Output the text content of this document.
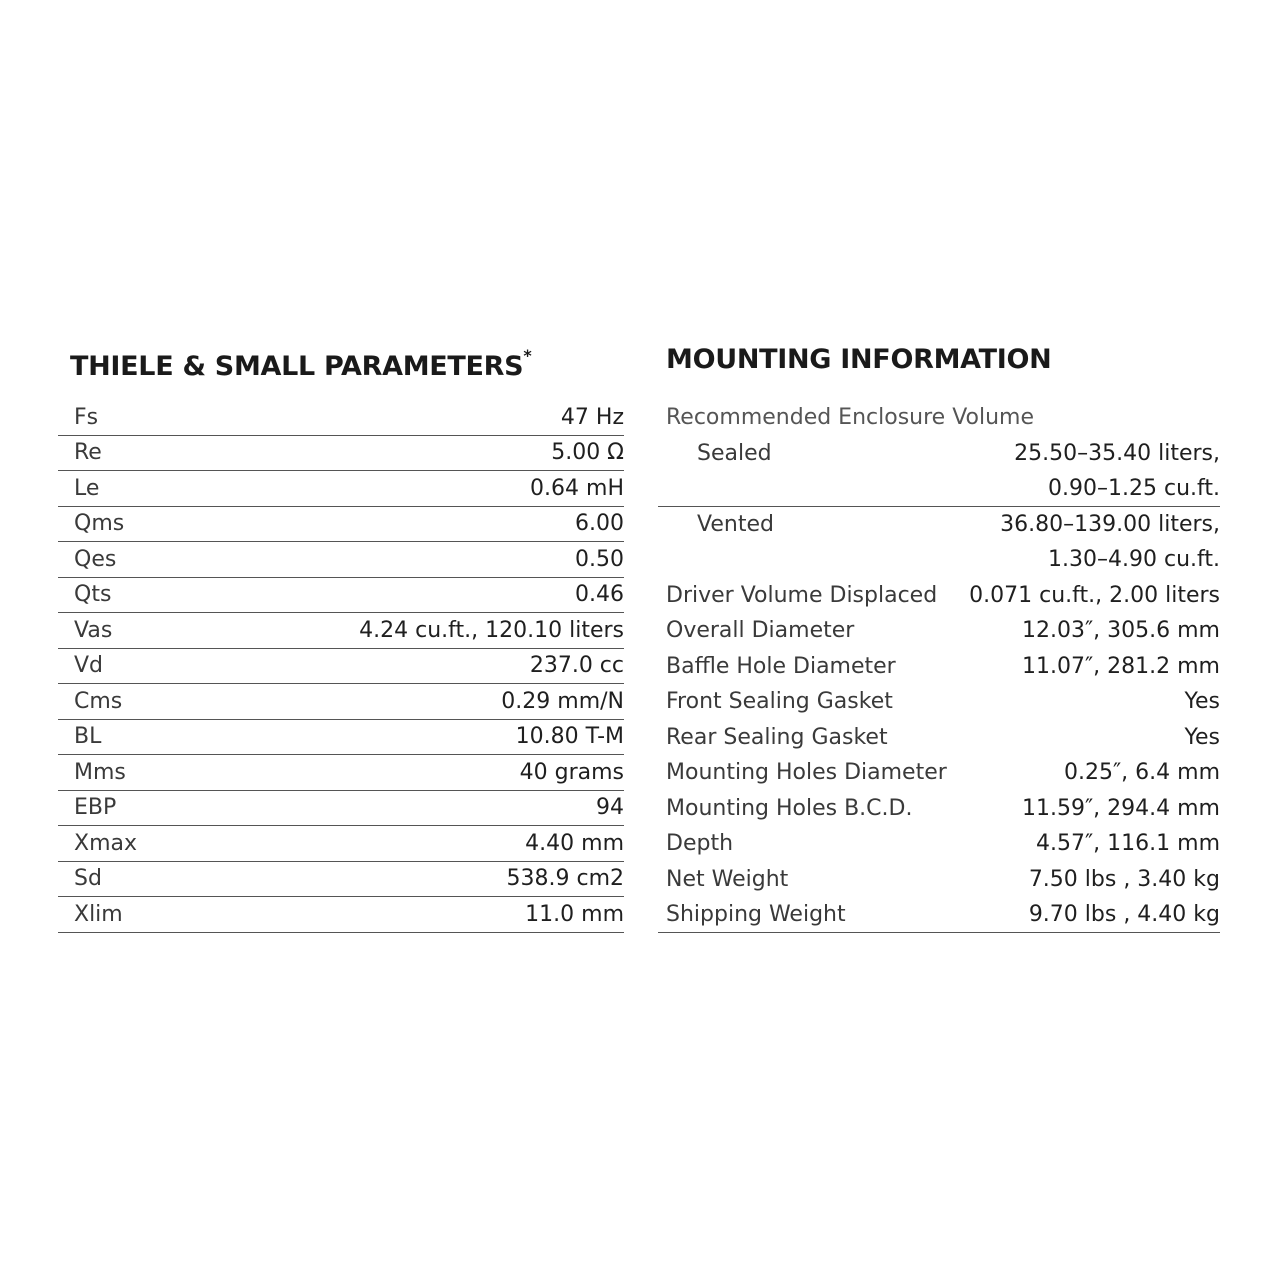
THIELE & SMALL PARAMETERS*
Fs	47 Hz
Re	5.00 Ω
Le	0.64 mH
Qms	6.00
Qes	0.50
Qts	0.46
Vas	4.24 cu.ft., 120.10 liters
Vd	237.0 cc
Cms	0.29 mm/N
BL	10.80 T-M
Mms	40 grams
EBP	94
Xmax	4.40 mm
Sd	538.9 cm2
Xlim	11.0 mm
MOUNTING INFORMATION
Recommended Enclosure Volume
Sealed	25.50–35.40 liters,
0.90–1.25 cu.ft.
Vented	36.80–139.00 liters,
1.30–4.90 cu.ft.
Driver Volume Displaced 0.071 cu.ft., 2.00 liters
Overall Diameter	12.03″, 305.6 mm
Baffle Hole Diameter	11.07″, 281.2 mm
Front Sealing Gasket	Yes
Rear Sealing Gasket	Yes
Mounting Holes Diameter	0.25″, 6.4 mm
Mounting Holes B.C.D.	11.59″, 294.4 mm
Depth	4.57″, 116.1 mm
Net Weight	7.50 lbs , 3.40 kg
Shipping Weight	9.70 lbs , 4.40 kg
